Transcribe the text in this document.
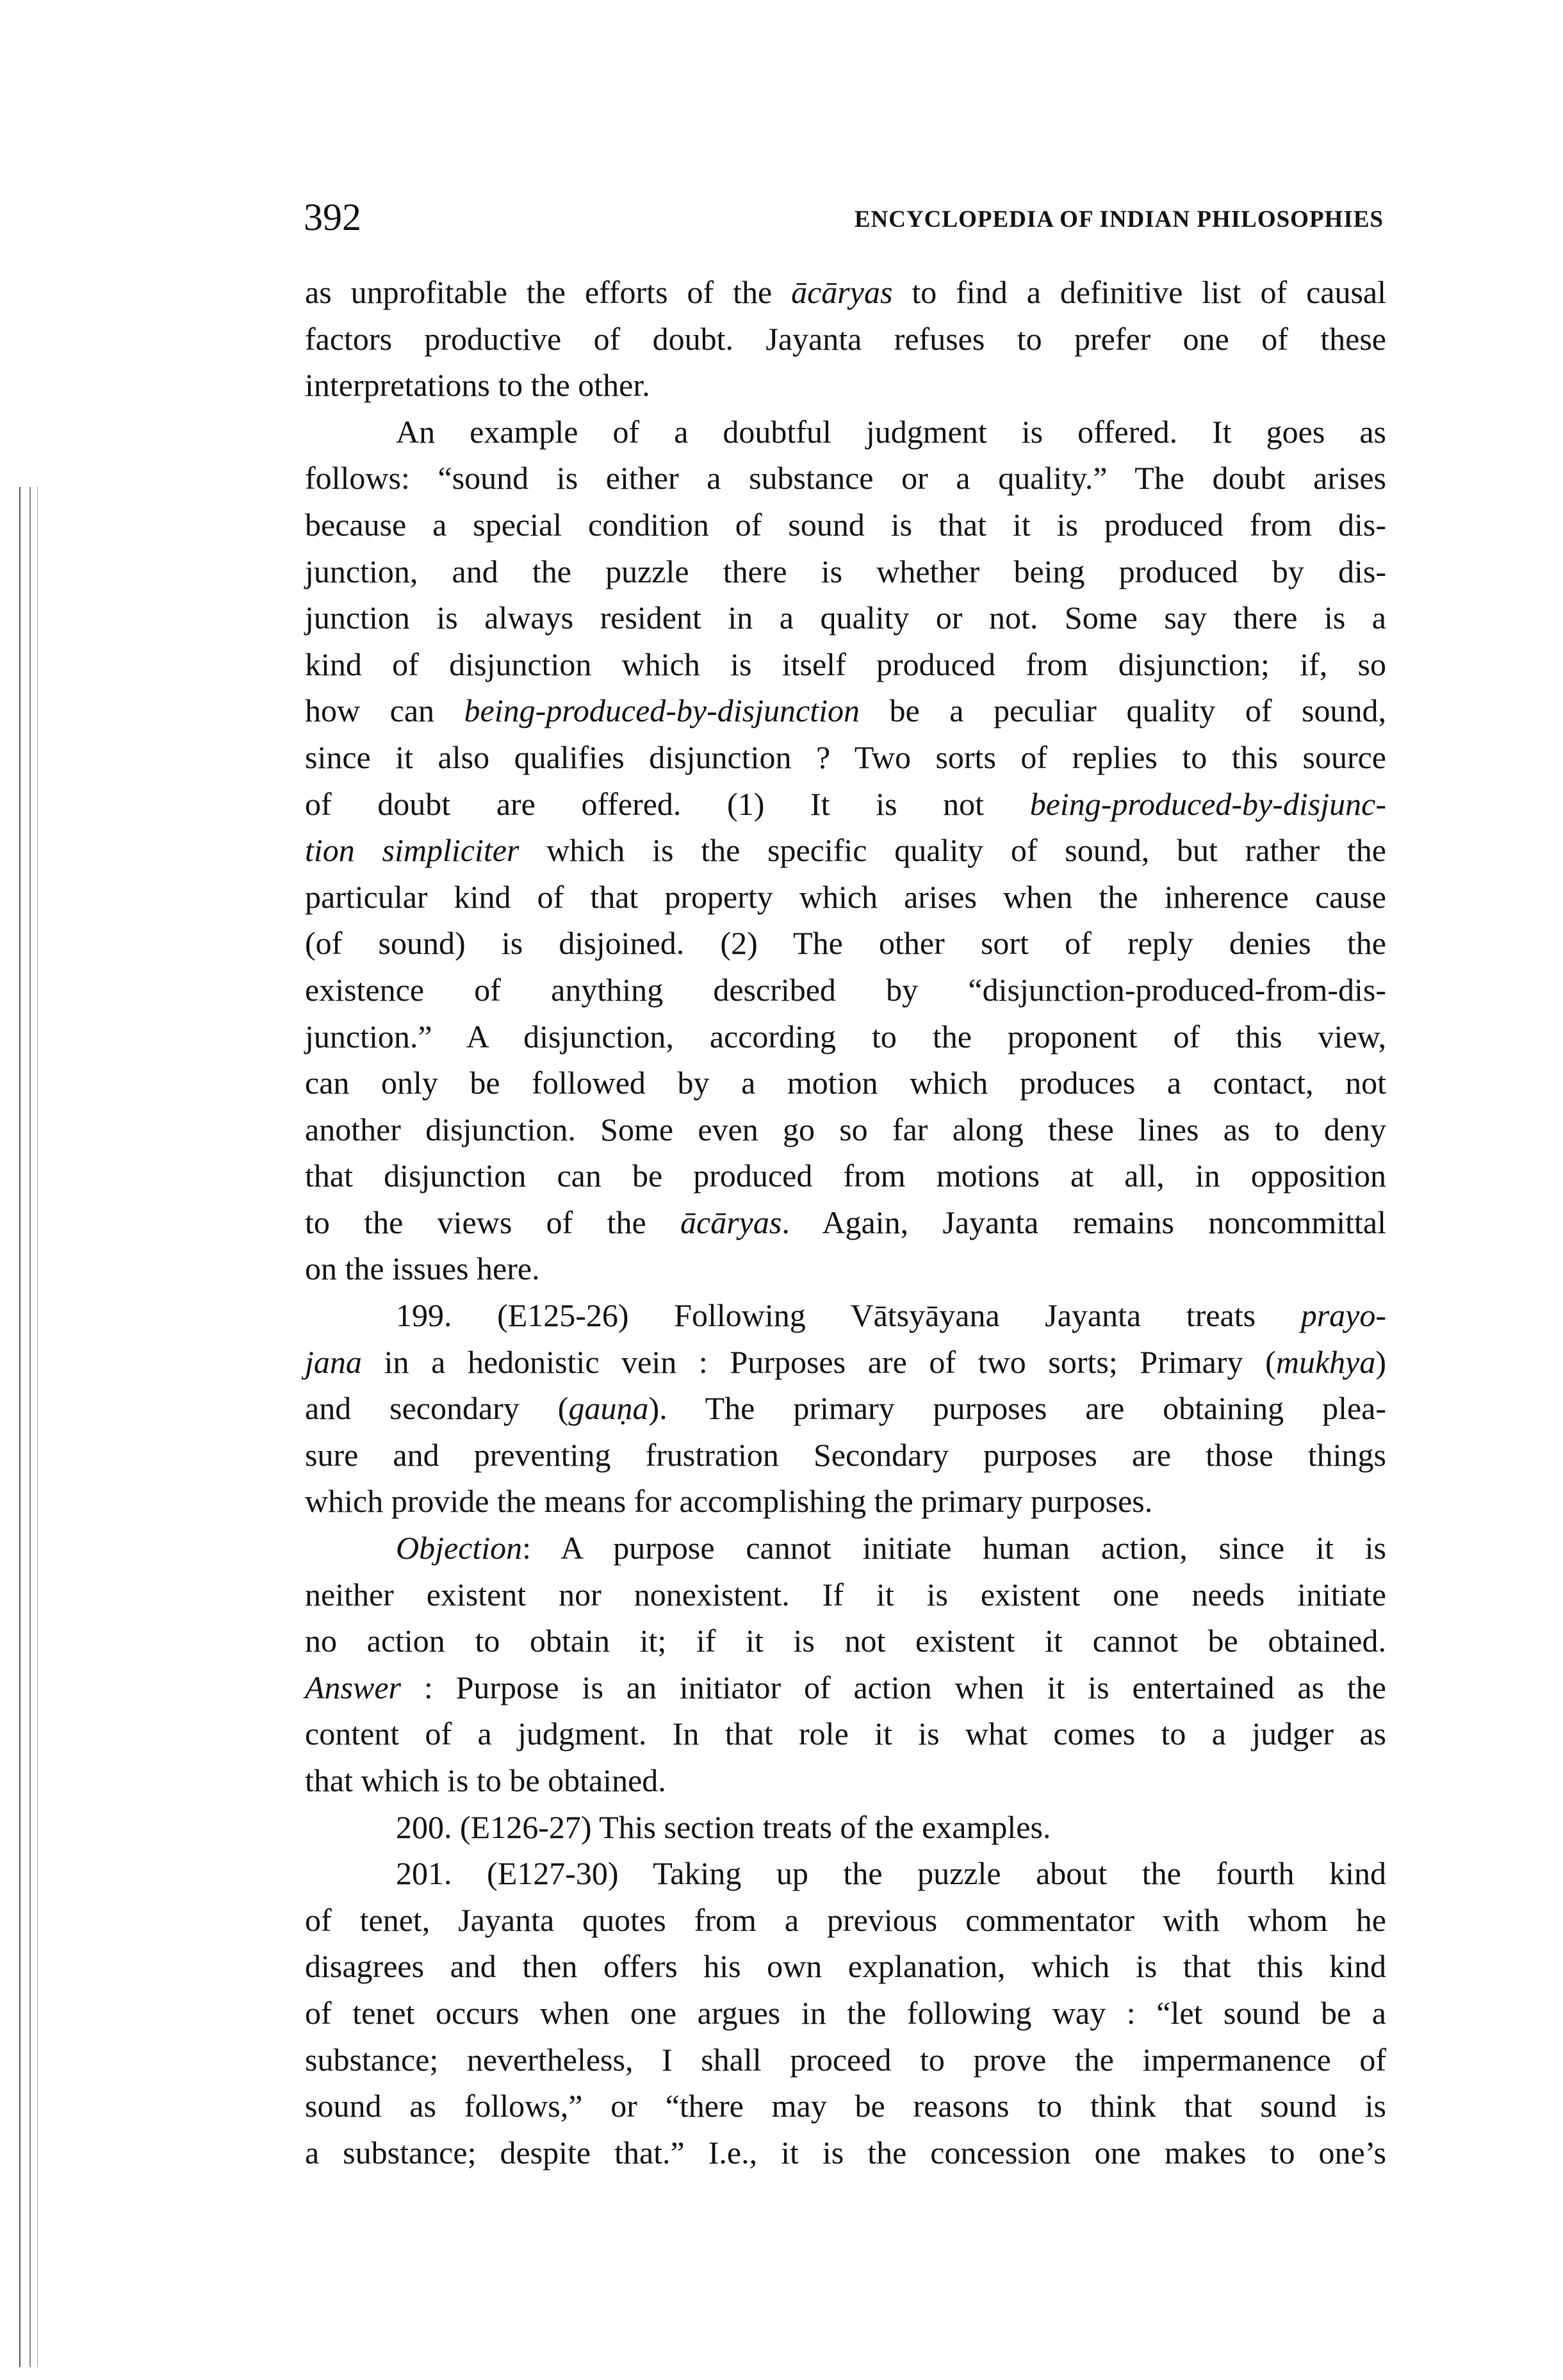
392	ENCYCLOPEDIA OF INDIAN PHILOSOPHIES
as unprofitable the efforts of the ācāryas to find a definitive list of causal
factors productive of doubt. Jayanta refuses to prefer one of these
interpretations to the other.
An example of a doubtful judgment is offered. It goes as
follows: “sound is either a substance or a quality.” The doubt arises
because a special condition of sound is that it is produced from dis-
junction, and the puzzle there is whether being produced by dis-
junction is always resident in a quality or not. Some say there is a
kind of disjunction which is itself produced from disjunction; if, so
how can being-produced-by-disjunction be a peculiar quality of sound,
since it also qualifies disjunction ? Two sorts of replies to this source
of doubt are offered. (1) It is not being-produced-by-disjunc-
tion simpliciter which is the specific quality of sound, but rather the
particular kind of that property which arises when the inherence cause
(of sound) is disjoined. (2) The other sort of reply denies the
existence of anything described by “disjunction-produced-from-dis-
junction.” A disjunction, according to the proponent of this view,
can only be followed by a motion which produces a contact, not
another disjunction. Some even go so far along these lines as to deny
that disjunction can be produced from motions at all, in opposition
to the views of the ācāryas. Again, Jayanta remains noncommittal
on the issues here.
199. (E125-26) Following Vātsyāyana Jayanta treats prayo-
jana in a hedonistic vein : Purposes are of two sorts; Primary (mukhya)
and secondary (gauṇa). The primary purposes are obtaining plea-
sure and preventing frustration Secondary purposes are those things
which provide the means for accomplishing the primary purposes.
Objection: A purpose cannot initiate human action, since it is
neither existent nor nonexistent. If it is existent one needs initiate
no action to obtain it; if it is not existent it cannot be obtained.
Answer : Purpose is an initiator of action when it is entertained as the
content of a judgment. In that role it is what comes to a judger as
that which is to be obtained.
200. (E126-27) This section treats of the examples.
201. (E127-30) Taking up the puzzle about the fourth kind
of tenet, Jayanta quotes from a previous commentator with whom he
disagrees and then offers his own explanation, which is that this kind
of tenet occurs when one argues in the following way : “let sound be a
substance; nevertheless, I shall proceed to prove the impermanence of
sound as follows,” or “there may be reasons to think that sound is
a substance; despite that.” I.e., it is the concession one makes to one’s
